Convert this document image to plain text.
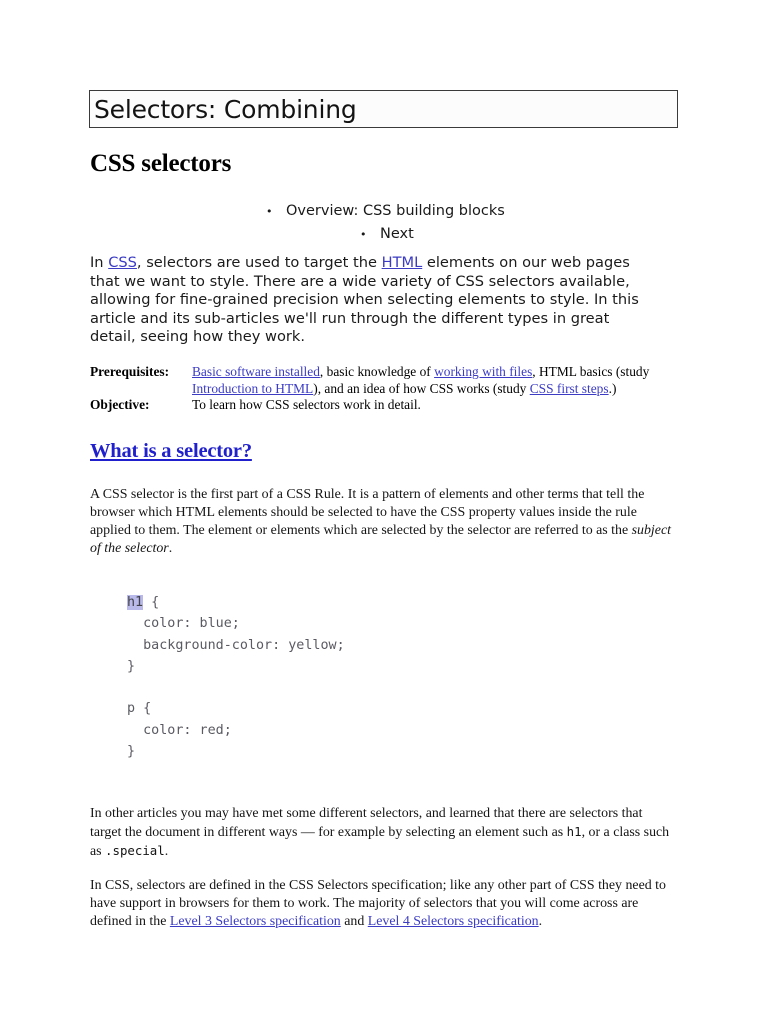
Selectors: Combining
CSS selectors
• Overview: CSS building blocks
• Next
In CSS, selectors are used to target the HTML elements on our web pages that we want to style. There are a wide variety of CSS selectors available, allowing for fine-grained precision when selecting elements to style. In this article and its sub-articles we'll run through the different types in great detail, seeing how they work.
Prerequisites:	Basic software installed, basic knowledge of working with files, HTML basics (study Introduction to HTML), and an idea of how CSS works (study CSS first steps.)
Objective:	To learn how CSS selectors work in detail.
What is a selector?
A CSS selector is the first part of a CSS Rule. It is a pattern of elements and other terms that tell the browser which HTML elements should be selected to have the CSS property values inside the rule applied to them. The element or elements which are selected by the selector are referred to as the subject of the selector.
h1 {
color: blue;
background-color: yellow;
}

p {
color: red;
}
In other articles you may have met some different selectors, and learned that there are selectors that target the document in different ways — for example by selecting an element such as h1, or a class such as .special.
In CSS, selectors are defined in the CSS Selectors specification; like any other part of CSS they need to have support in browsers for them to work. The majority of selectors that you will come across are defined in the Level 3 Selectors specification and Level 4 Selectors specification.
